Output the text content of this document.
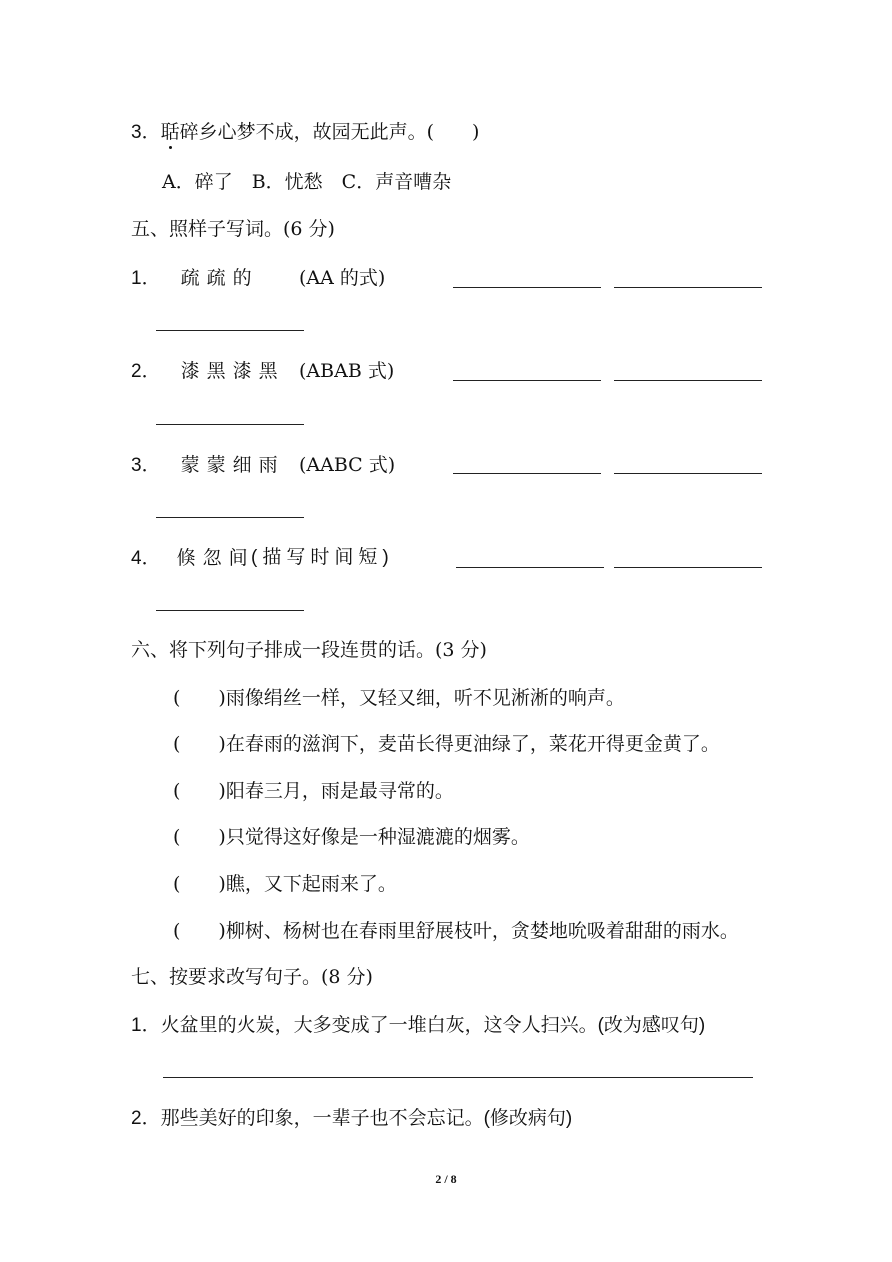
3．聒碎乡心梦不成，故园无此声。(　　)
A．碎了　B．忧愁　C．声音嘈杂
五、照样子写词。(6 分)
1． 疏疏的 (AA 的式)
2． 漆黑漆黑 (ABAB 式)
3． 蒙蒙细雨 (AABC 式)
4． 倏忽间
(描写时间短)
六、将下列句子排成一段连贯的话。(3 分)
(　　)雨像绢丝一样，又轻又细，听不见淅淅的响声。
(　　)在春雨的滋润下，麦苗长得更油绿了，菜花开得更金黄了。
(　　)阳春三月，雨是最寻常的。
(　　)只觉得这好像是一种湿漉漉的烟雾。
(　　)瞧，又下起雨来了。
(　　)柳树、杨树也在春雨里舒展枝叶，贪婪地吮吸着甜甜的雨水。
七、按要求改写句子。(8 分)
1．火盆里的火炭，大多变成了一堆白灰，这令人扫兴。(改为感叹句)
2．那些美好的印象，一辈子也不会忘记。(修改病句)
2 / 8
